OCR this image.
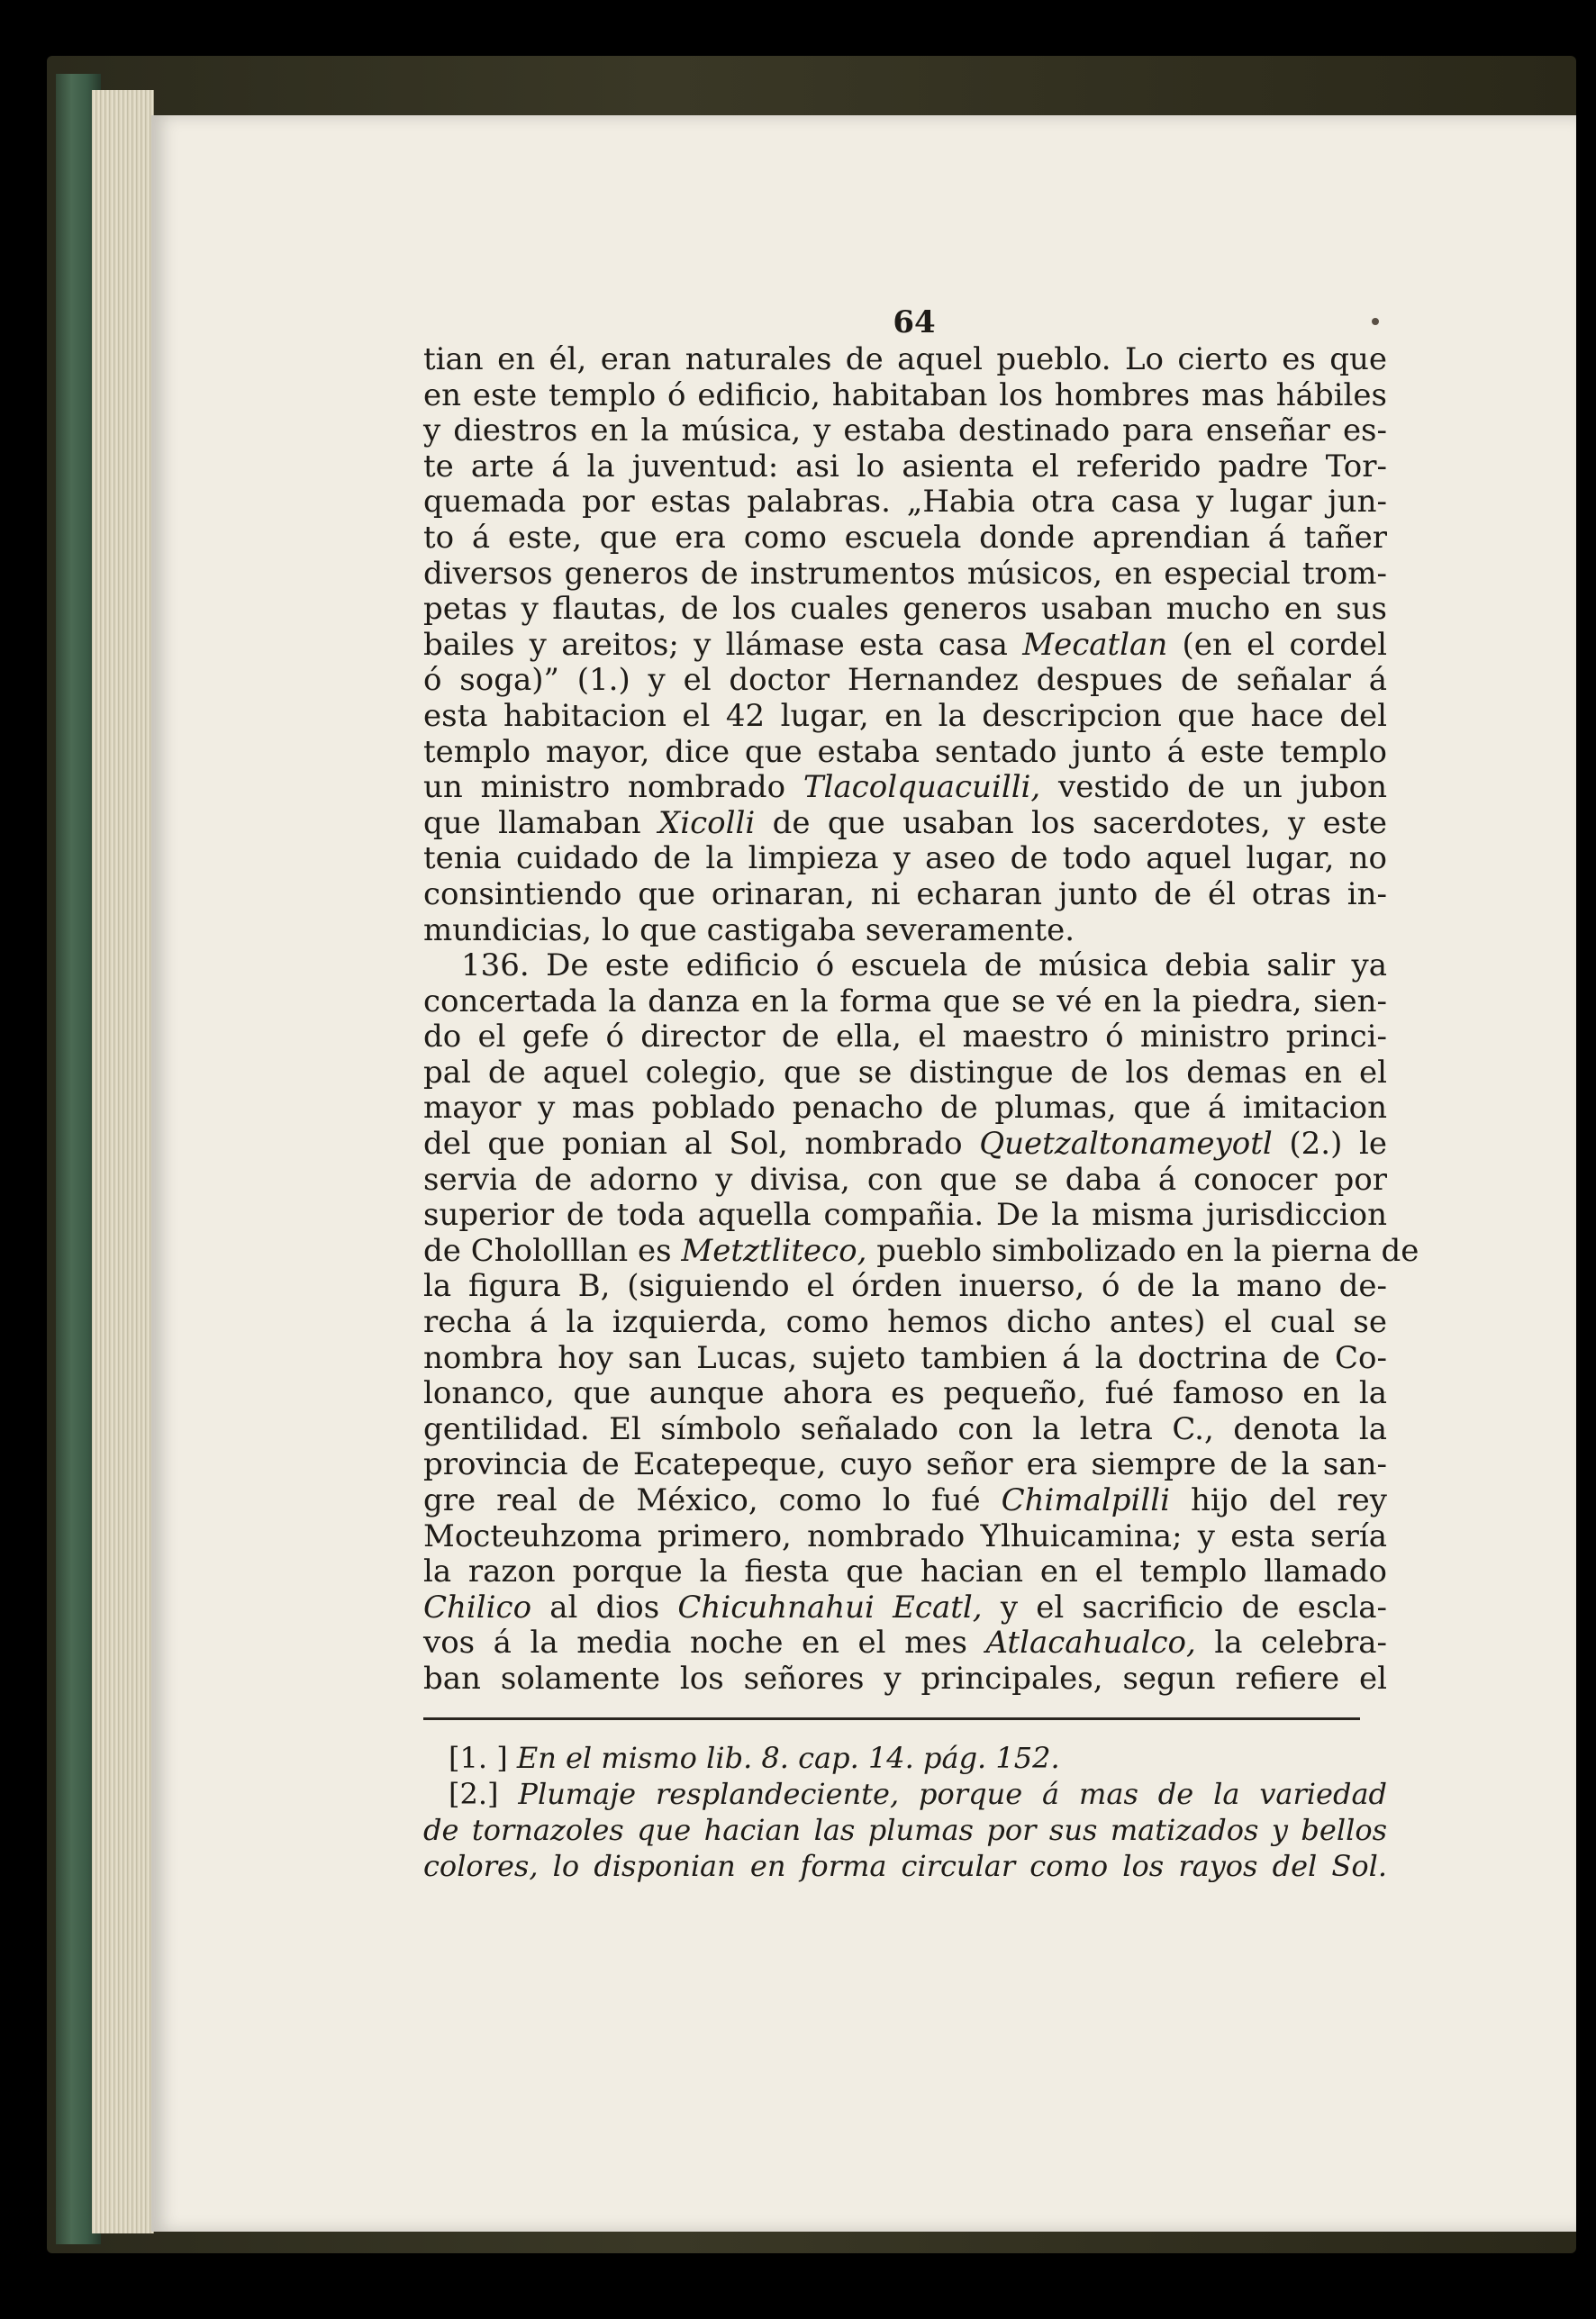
64
tian en él, eran naturales de aquel pueblo. Lo cierto es que
en este templo ó edificio, habitaban los hombres mas hábiles
y diestros en la música, y estaba destinado para enseñar es-
te arte á la juventud: asi lo asienta el referido padre Tor-
quemada por estas palabras. „Habia otra casa y lugar jun-
to á este, que era como escuela donde aprendian á tañer
diversos generos de instrumentos músicos, en especial trom-
petas y flautas, de los cuales generos usaban mucho en sus
bailes y areitos; y llámase esta casa Mecatlan (en el cordel
ó soga)” (1.) y el doctor Hernandez despues de señalar á
esta habitacion el 42 lugar, en la descripcion que hace del
templo mayor, dice que estaba sentado junto á este templo
un ministro nombrado Tlacolquacuilli, vestido de un jubon
que llamaban Xicolli de que usaban los sacerdotes, y este
tenia cuidado de la limpieza y aseo de todo aquel lugar, no
consintiendo que orinaran, ni echaran junto de él otras in-
mundicias, lo que castigaba severamente.
136. De este edificio ó escuela de música debia salir ya
concertada la danza en la forma que se vé en la piedra, sien-
do el gefe ó director de ella, el maestro ó ministro princi-
pal de aquel colegio, que se distingue de los demas en el
mayor y mas poblado penacho de plumas, que á imitacion
del que ponian al Sol, nombrado Quetzaltonameyotl (2.) le
servia de adorno y divisa, con que se daba á conocer por
superior de toda aquella compañia. De la misma jurisdiccion
de Chololllan es Metztliteco, pueblo simbolizado en la pierna de
la figura B, (siguiendo el órden inuerso, ó de la mano de-
recha á la izquierda, como hemos dicho antes) el cual se
nombra hoy san Lucas, sujeto tambien á la doctrina de Co-
lonanco, que aunque ahora es pequeño, fué famoso en la
gentilidad. El símbolo señalado con la letra C., denota la
provincia de Ecatepeque, cuyo señor era siempre de la san-
gre real de México, como lo fué Chimalpilli hijo del rey
Mocteuhzoma primero, nombrado Ylhuicamina; y esta sería
la razon porque la fiesta que hacian en el templo llamado
Chilico al dios Chicuhnahui Ecatl, y el sacrificio de escla-
vos á la media noche en el mes Atlacahualco, la celebra-
ban solamente los señores y principales, segun refiere el
[1. ] En el mismo lib. 8. cap. 14. pág. 152.
[2.] Plumaje resplandeciente, porque á mas de la variedad
de tornazoles que hacian las plumas por sus matizados y bellos
colores, lo disponian en forma circular como los rayos del Sol.
